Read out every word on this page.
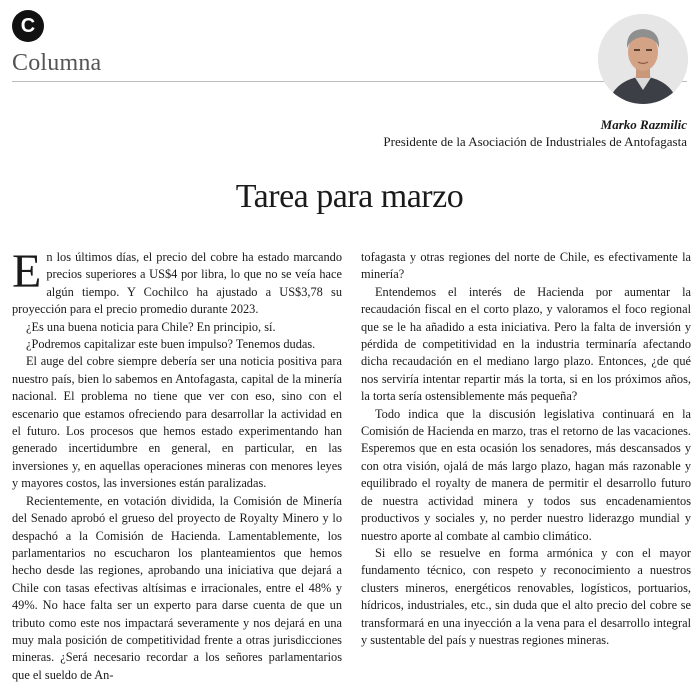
C
Columna
Marko Razmilic
Presidente de la Asociación de Industriales de Antofagasta
Tarea para marzo

En los últimos días, el precio del cobre ha estado marcando precios superiores a US$4 por libra, lo que no se veía hace algún tiempo. Y Cochilco ha ajustado a US$3,78 su proyección para el precio promedio durante 2023.

¿Es una buena noticia para Chile? En principio, sí.

¿Podremos capitalizar este buen impulso? Tenemos dudas.

El auge del cobre siempre debería ser una noticia positiva para nuestro país, bien lo sabemos en Antofagasta, capital de la minería nacional. El problema no tiene que ver con eso, sino con el escenario que estamos ofreciendo para desarrollar la actividad en el futuro. Los procesos que hemos estado experimentando han generado incertidumbre en general, en particular, en las inversiones y, en aquellas operaciones mineras con menores leyes y mayores costos, las inversiones están paralizadas.

Recientemente, en votación dividida, la Comisión de Minería del Senado aprobó el grueso del proyecto de Royalty Minero y lo despachó a la Comisión de Hacienda. Lamentablemente, los parlamentarios no escucharon los planteamientos que hemos hecho desde las regiones, aprobando una iniciativa que dejará a Chile con tasas efectivas altísimas e irracionales, entre el 48% y 49%. No hace falta ser un experto para darse cuenta de que un tributo como este nos impactará severamente y nos dejará en una muy mala posición de competitividad frente a otras jurisdicciones mineras. ¿Será necesario recordar a los señores parlamentarios que el sueldo de An-

tofagasta y otras regiones del norte de Chile, es efectivamente la minería?

Entendemos el interés de Hacienda por aumentar la recaudación fiscal en el corto plazo, y valoramos el foco regional que se le ha añadido a esta iniciativa. Pero la falta de inversión y pérdida de competitividad en la industria terminaría afectando dicha recaudación en el mediano largo plazo. Entonces, ¿de qué nos serviría intentar repartir más la torta, si en los próximos años, la torta sería ostensiblemente más pequeña?

Todo indica que la discusión legislativa continuará en la Comisión de Hacienda en marzo, tras el retorno de las vacaciones. Esperemos que en esta ocasión los senadores, más descansados y con otra visión, ojalá de más largo plazo, hagan más razonable y equilibrado el royalty de manera de permitir el desarrollo futuro de nuestra actividad minera y todos sus encadenamientos productivos y sociales y, no perder nuestro liderazgo mundial y nuestro aporte al combate al cambio climático.

Si ello se resuelve en forma armónica y con el mayor fundamento técnico, con respeto y reconocimiento a nuestros clusters mineros, energéticos renovables, logísticos, portuarios, hídricos, industriales, etc., sin duda que el alto precio del cobre se transformará en una inyección a la vena para el desarrollo integral y sustentable del país y nuestras regiones mineras.
